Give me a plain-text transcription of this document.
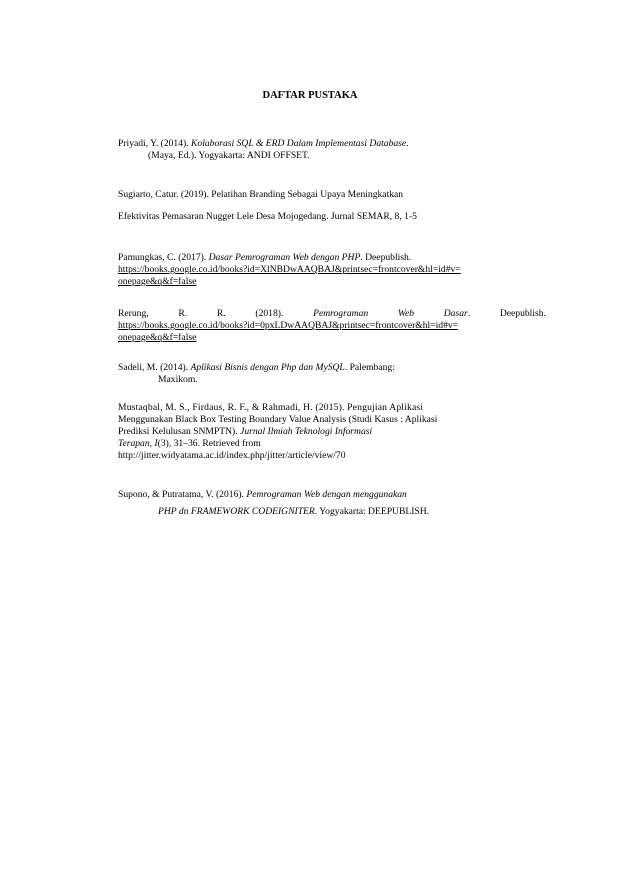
DAFTAR PUSTAKA
Priyadi, Y. (2014). Kolaborasi SQL & ERD Dalam Implementasi Database.
(Maya, Ed.). Yogyakarta: ANDI OFFSET.
Sugiarto, Catur. (2019). Pelatihan Branding Sebagai Upaya Meningkatkan
Efektivitas Pemasaran Nugget Lele Desa Mojogedang. Jurnal SEMAR, 8, 1-5
Pamungkas, C. (2017). Dasar Pemrograman Web dengan PHP. Deepublish.
https://books.google.co.id/books?id=XlNBDwAAQBAJ&printsec=frontcover&hl=id#v=
onepage&q&f=false
Rerung,	R.	R.	(2018).	Pemrograman	Web	Dasar.	Deepublish.
https://books.google.co.id/books?id=0pxLDwAAQBAJ&printsec=frontcover&hl=id#v=
onepage&q&f=false
Sadeli, M. (2014). Aplikasi Bisnis dengan Php dan MySQL. Palembang:
Maxikom.
Mustaqbal, M. S., Firdaus, R. F., & Rahmadi, H. (2015). Pengujian Aplikasi
Menggunakan Black Box Testing Boundary Value Analysis (Studi Kasus : Aplikasi
Prediksi Kelulusan SNMPTN). Jurnal Ilmiah Teknologi Informasi
Terapan, I(3), 31–36. Retrieved from
http://jitter.widyatama.ac.id/index.php/jitter/article/view/70
Supono, & Putratama, V. (2016). Pemrograman Web dengan menggunakan
PHP dn FRAMEWORK CODEIGNITER. Yogyakarta: DEEPUBLISH.
